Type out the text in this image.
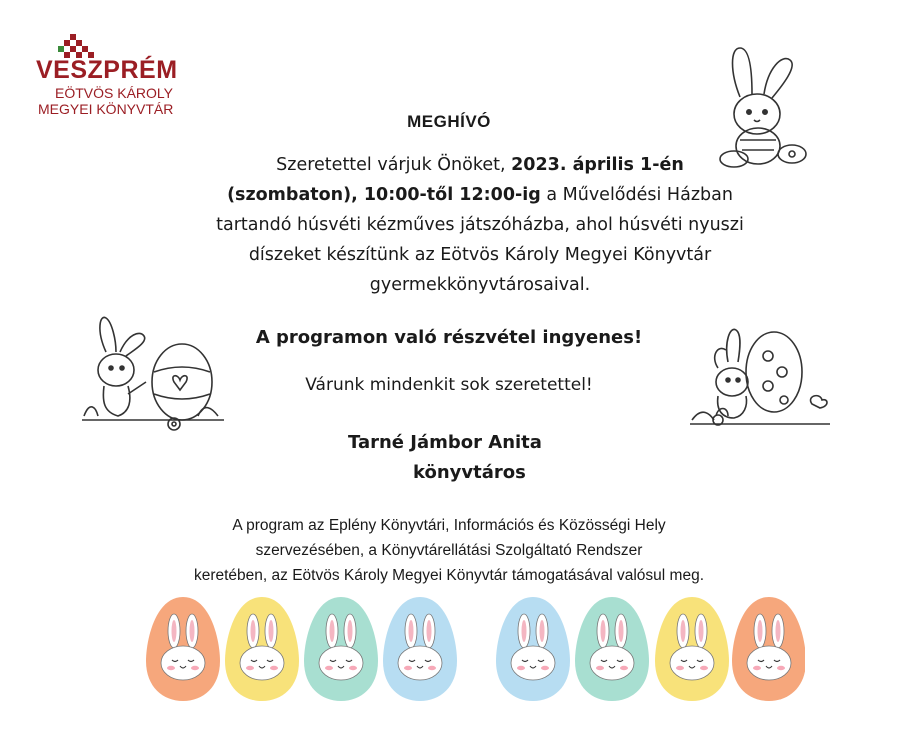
VESZPRÉM
EÖTVÖS KÁROLY
MEGYEI KÖNYVTÁR
MEGHÍVÓ
Szeretettel várjuk Önöket, 2023. április 1-én
(szombaton), 10:00-től 12:00-ig a Művelődési Házban
tartandó húsvéti kézműves játszóházba, ahol húsvéti nyuszi
díszeket készítünk az Eötvös Károly Megyei Könyvtár
gyermekkönyvtárosaival.
A programon való részvétel ingyenes!
Várunk mindenkit sok szeretettel!
Tarné Jámbor Anita
könyvtáros
A program az Eplény Könyvtári, Információs és Közösségi Hely
szervezésében, a Könyvtárellátási Szolgáltató Rendszer
keretében, az Eötvös Károly Megyei Könyvtár támogatásával valósul meg.
